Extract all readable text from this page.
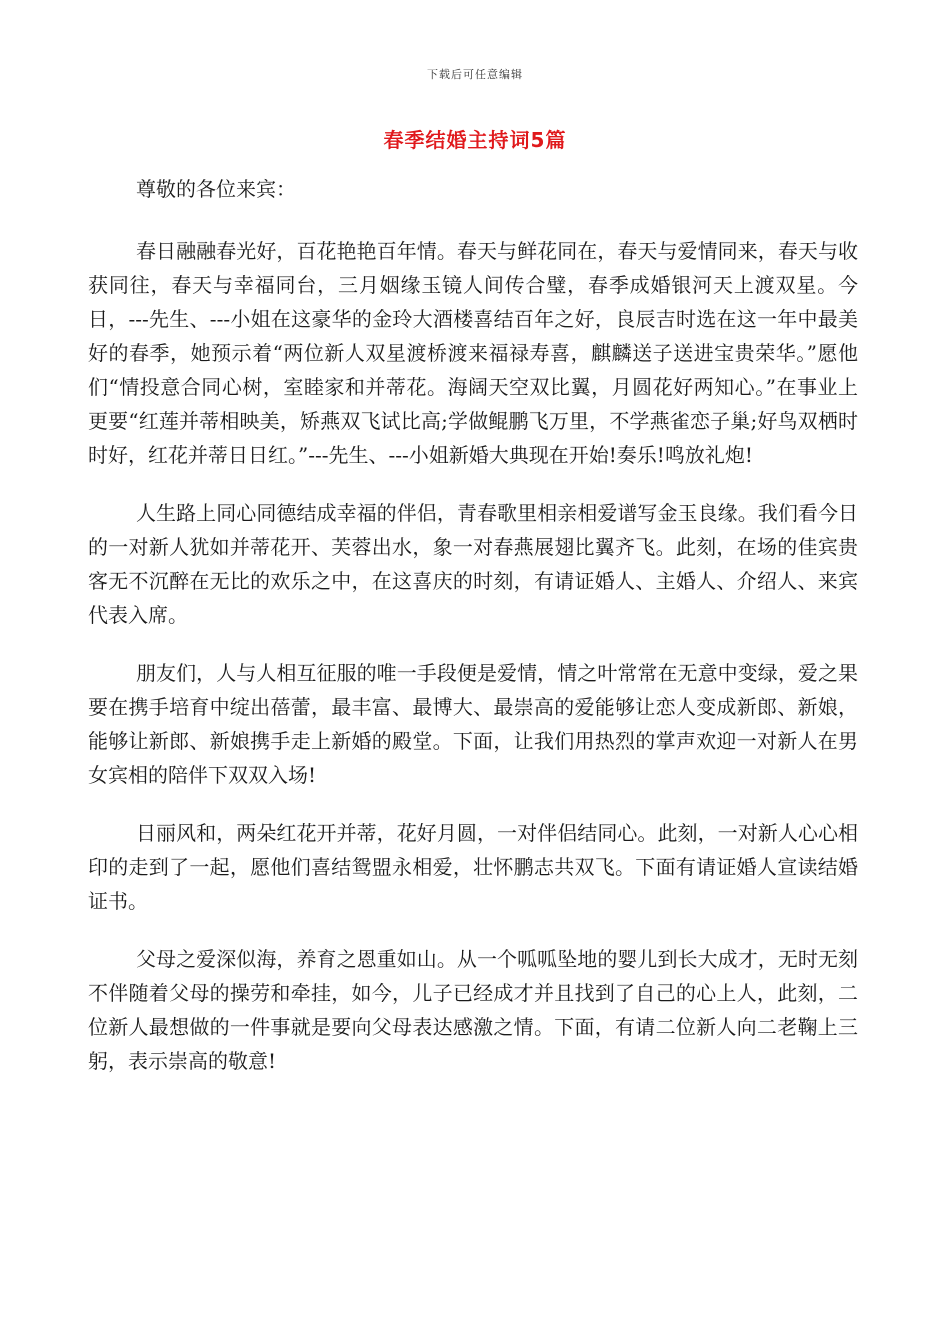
下载后可任意编辑
春季结婚主持词5篇

尊敬的各位来宾：

春日融融春光好，百花艳艳百年情。春天与鲜花同在，春天与爱情同来，春天与收获同往，春天与幸福同台，三月姻缘玉镜人间传合璧，春季成婚银河天上渡双星。今日，---先生、---小姐在这豪华的金玲大酒楼喜结百年之好，良辰吉时选在这一年中最美好的春季，她预示着“两位新人双星渡桥渡来福禄寿喜，麒麟送子送进宝贵荣华。”愿他们“情投意合同心树，室睦家和并蒂花。海阔天空双比翼，月圆花好两知心。”在事业上更要“红莲并蒂相映美，矫燕双飞试比高;学做鲲鹏飞万里，不学燕雀恋子巢;好鸟双栖时时好，红花并蒂日日红。”---先生、---小姐新婚大典现在开始!奏乐!鸣放礼炮!

人生路上同心同德结成幸福的伴侣，青春歌里相亲相爱谱写金玉良缘。我们看今日的一对新人犹如并蒂花开、芙蓉出水，象一对春燕展翅比翼齐飞。此刻，在场的佳宾贵客无不沉醉在无比的欢乐之中，在这喜庆的时刻，有请证婚人、主婚人、介绍人、来宾代表入席。

朋友们，人与人相互征服的唯一手段便是爱情，情之叶常常在无意中变绿，爱之果要在携手培育中绽出蓓蕾，最丰富、最博大、最崇高的爱能够让恋人变成新郎、新娘，能够让新郎、新娘携手走上新婚的殿堂。下面，让我们用热烈的掌声欢迎一对新人在男女宾相的陪伴下双双入场!

日丽风和，两朵红花开并蒂，花好月圆，一对伴侣结同心。此刻，一对新人心心相印的走到了一起，愿他们喜结鸳盟永相爱，壮怀鹏志共双飞。下面有请证婚人宣读结婚证书。

父母之爱深似海，养育之恩重如山。从一个呱呱坠地的婴儿到长大成才，无时无刻不伴随着父母的操劳和牵挂，如今，儿子已经成才并且找到了自己的心上人，此刻，二位新人最想做的一件事就是要向父母表达感激之情。下面，有请二位新人向二老鞠上三躬，表示崇高的敬意!
